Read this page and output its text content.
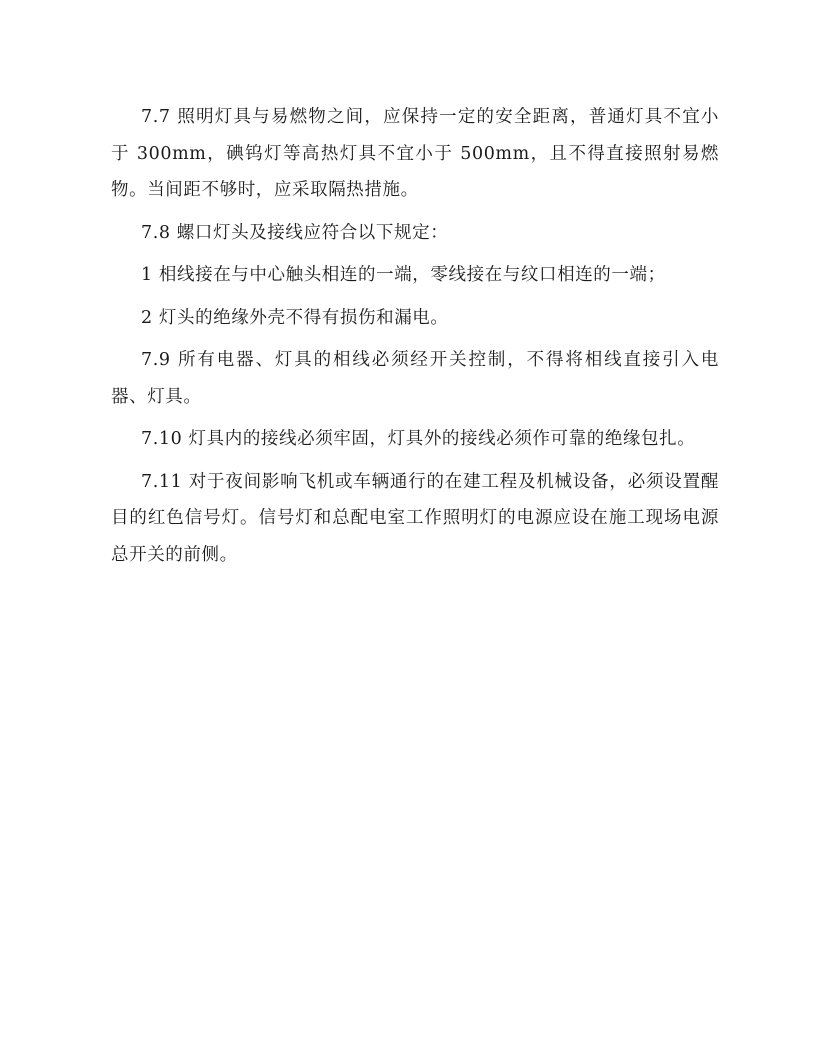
7.7 照明灯具与易燃物之间，应保持一定的安全距离，普通灯具不宜小于 300mm，碘钨灯等高热灯具不宜小于 500mm，且不得直接照射易燃物。当间距不够时，应采取隔热措施。

7.8 螺口灯头及接线应符合以下规定：

1 相线接在与中心触头相连的一端，零线接在与纹口相连的一端；

2 灯头的绝缘外壳不得有损伤和漏电。

7.9 所有电器、灯具的相线必须经开关控制，不得将相线直接引入电器、灯具。

7.10 灯具内的接线必须牢固，灯具外的接线必须作可靠的绝缘包扎。

7.11 对于夜间影响飞机或车辆通行的在建工程及机械设备，必须设置醒目的红色信号灯。信号灯和总配电室工作照明灯的电源应设在施工现场电源总开关的前侧。
